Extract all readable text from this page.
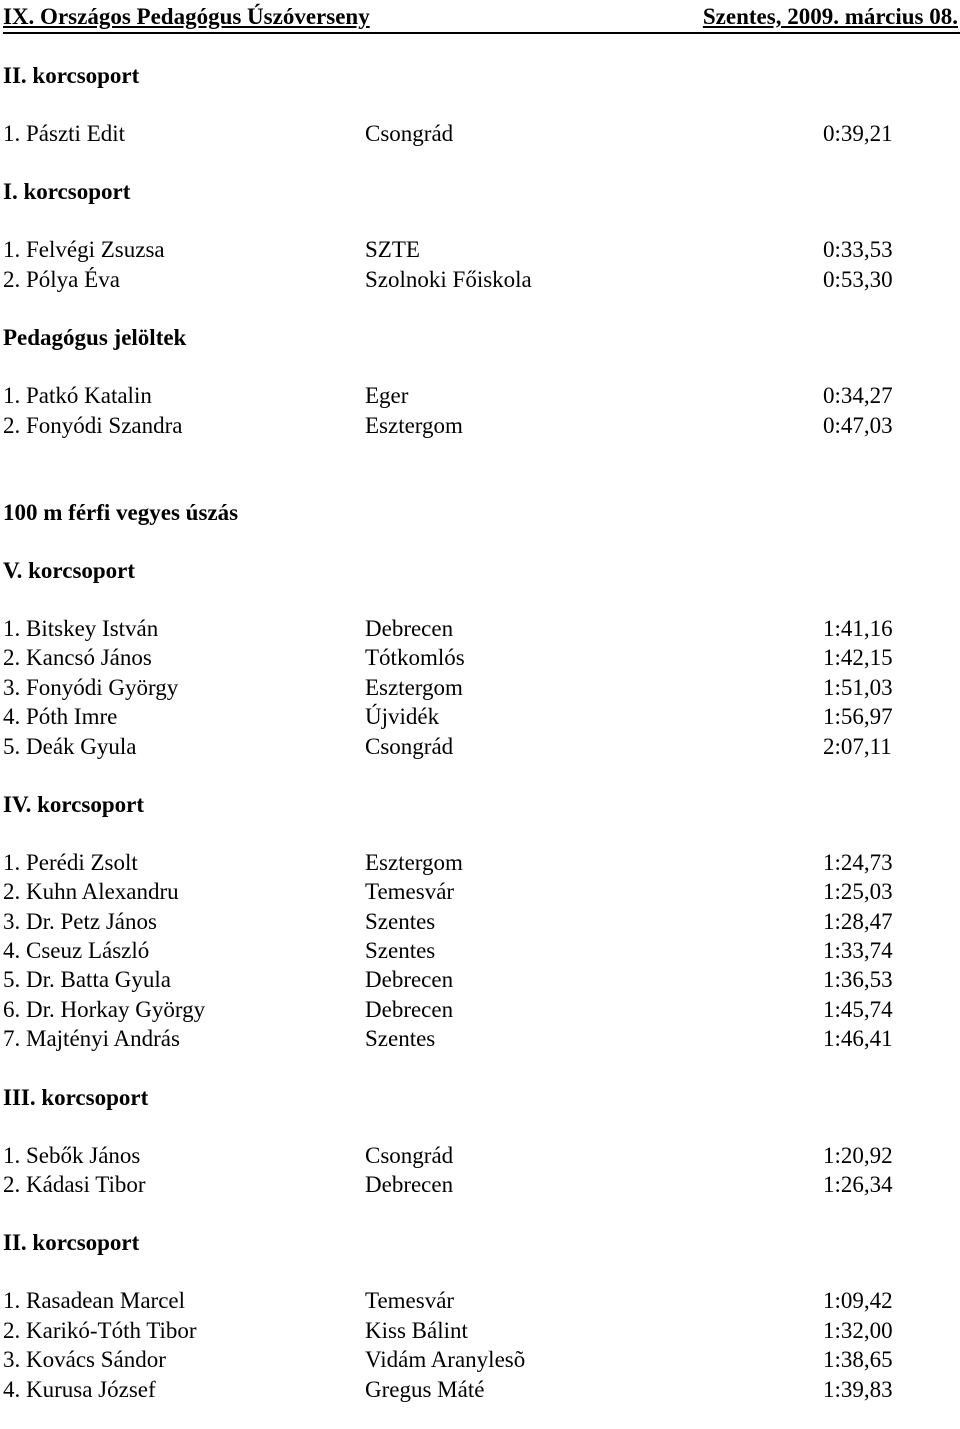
IX. Országos Pedagógus Úszóverseny	Szentes, 2009. március 08.
II. korcsoport
1. Pászti Edit	Csongrád	0:39,21
I. korcsoport
1. Felvégi Zsuzsa	SZTE	0:33,53
2. Pólya Éva	Szolnoki Főiskola	0:53,30
Pedagógus jelöltek
1. Patkó Katalin	Eger	0:34,27
2. Fonyódi Szandra	Esztergom	0:47,03
100 m férfi vegyes úszás
V. korcsoport
1. Bitskey István	Debrecen	1:41,16
2. Kancsó János	Tótkomlós	1:42,15
3. Fonyódi György	Esztergom	1:51,03
4. Póth Imre	Újvidék	1:56,97
5. Deák Gyula	Csongrád	2:07,11
IV. korcsoport
1. Perédi Zsolt	Esztergom	1:24,73
2. Kuhn Alexandru	Temesvár	1:25,03
3. Dr. Petz János	Szentes	1:28,47
4. Cseuz László	Szentes	1:33,74
5. Dr. Batta Gyula	Debrecen	1:36,53
6. Dr. Horkay György	Debrecen	1:45,74
7. Majtényi András	Szentes	1:46,41
III. korcsoport
1. Sebők János	Csongrád	1:20,92
2. Kádasi Tibor	Debrecen	1:26,34
II. korcsoport
1. Rasadean Marcel	Temesvár	1:09,42
2. Karikó-Tóth Tibor	Kiss Bálint	1:32,00
3. Kovács Sándor	Vidám Aranylesõ	1:38,65
4. Kurusa József	Gregus Máté	1:39,83
